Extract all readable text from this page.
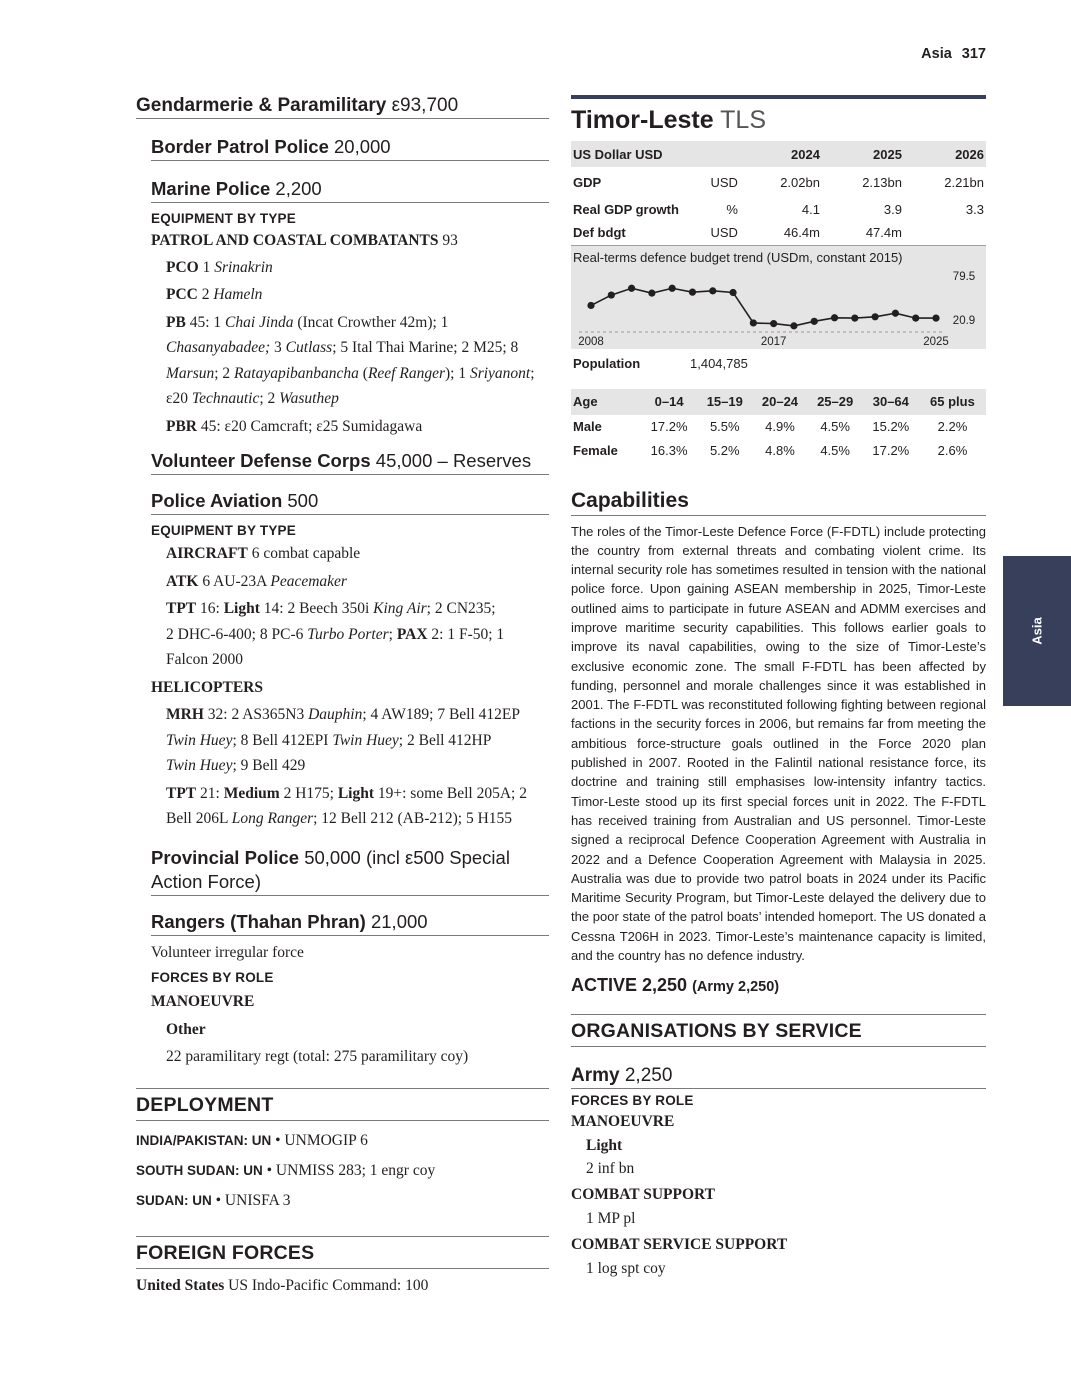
Asia 317
Asia
Gendarmerie & Paramilitary ε93,700
Border Patrol Police 20,000
Marine Police 2,200
EQUIPMENT BY TYPE
PATROL AND COASTAL COMBATANTS 93
PCO 1 Srinakrin
PCC 2 Hameln
PB 45: 1 Chai Jinda (Incat Crowther 42m); 1
Chasanyabadee; 3 Cutlass; 5 Ital Thai Marine; 2 M25; 8
Marsun; 2 Ratayapibanbancha (Reef Ranger); 1 Sriyanont;
ε20 Technautic; 2 Wasuthep
PBR 45: ε20 Camcraft; ε25 Sumidagawa
Volunteer Defense Corps 45,000 – Reserves
Police Aviation 500
EQUIPMENT BY TYPE
AIRCRAFT 6 combat capable
ATK 6 AU-23A Peacemaker
TPT 16: Light 14: 2 Beech 350i King Air; 2 CN235;
2 DHC-6-400; 8 PC-6 Turbo Porter; PAX 2: 1 F-50; 1
Falcon 2000
HELICOPTERS
MRH 32: 2 AS365N3 Dauphin; 4 AW189; 7 Bell 412EP
Twin Huey; 8 Bell 412EPI Twin Huey; 2 Bell 412HP
Twin Huey; 9 Bell 429
TPT 21: Medium 2 H175; Light 19+: some Bell 205A; 2
Bell 206L Long Ranger; 12 Bell 212 (AB-212); 5 H155
Provincial Police 50,000 (incl ε500 Special
Action Force)
Rangers (Thahan Phran) 21,000
Volunteer irregular force
FORCES BY ROLE
MANOEUVRE
Other
22 paramilitary regt (total: 275 paramilitary coy)
DEPLOYMENT
INDIA/PAKISTAN: UN • UNMOGIP 6
SOUTH SUDAN: UN • UNMISS 283; 1 engr coy
SUDAN: UN • UNISFA 3
FOREIGN FORCES
United States US Indo-Pacific Command: 100
Timor-Leste TLS
US Dollar USD		2024	2025	2026
GDP	USD	2.02bn	2.13bn	2.21bn
Real GDP growth	%	4.1	3.9	3.3
Def bdgt	USD	46.4m	47.4m	
Real-terms defence budget trend (USDm, constant 2015)
2008	2017	2025
79.5
20.9
Population	1,404,785
Age	0–14	15–19	20–24	25–29	30–64	65 plus
Male	17.2%	5.5%	4.9%	4.5%	15.2%	2.2%
Female	16.3%	5.2%	4.8%	4.5%	17.2%	2.6%
Capabilities
The roles of the Timor-Leste Defence Force (F-FDTL) include protecting the country from external threats and combating violent crime. Its internal security role has sometimes resulted in tension with the national police force. Upon gaining ASEAN membership in 2025, Timor-Leste outlined aims to participate in future ASEAN and ADMM exercises and improve maritime security capabilities. This follows earlier goals to improve its naval capabilities, owing to the size of Timor-Leste’s exclusive economic zone. The small F-FDTL has been affected by funding, personnel and morale challenges since it was established in 2001. The F-FDTL was reconstituted following fighting between regional factions in the security forces in 2006, but remains far from meeting the ambitious force-structure goals outlined in the Force 2020 plan published in 2007. Rooted in the Falintil national resistance force, its doctrine and training still emphasises low-intensity infantry tactics. Timor-Leste stood up its first special forces unit in 2022. The F-FDTL has received training from Australian and US personnel. Timor-Leste signed a reciprocal Defence Cooperation Agreement with Australia in 2022 and a Defence Cooperation Agreement with Malaysia in 2025. Australia was due to provide two patrol boats in 2024 under its Pacific Maritime Security Program, but Timor-Leste delayed the delivery due to the poor state of the patrol boats’ intended homeport. The US donated a Cessna T206H in 2023. Timor-Leste’s maintenance capacity is limited, and the country has no defence industry.
ACTIVE 2,250 (Army 2,250)
ORGANISATIONS BY SERVICE
Army 2,250
FORCES BY ROLE
MANOEUVRE
Light
2 inf bn
COMBAT SUPPORT
1 MP pl
COMBAT SERVICE SUPPORT
1 log spt coy
